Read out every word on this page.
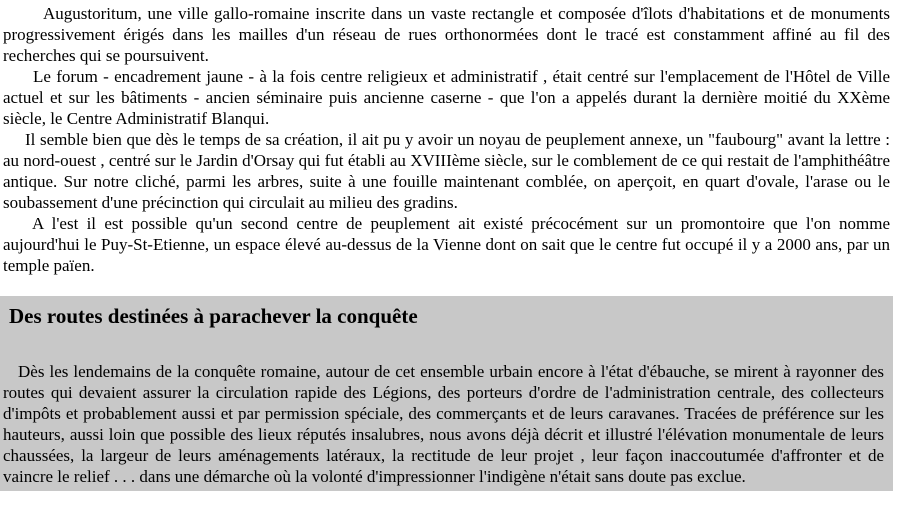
Augustoritum, une ville gallo-romaine inscrite dans un vaste rectangle et composée d'îlots d'habitations et de monuments progressivement érigés dans les mailles d'un réseau de rues orthonormées dont le tracé est constamment affiné au fil des recherches qui se poursuivent.

Le forum - encadrement jaune - à la fois centre religieux et administratif , était centré sur l'emplacement de l'Hôtel de Ville actuel et sur les bâtiments - ancien séminaire puis ancienne caserne - que l'on a appelés durant la dernière moitié du XXème siècle, le Centre Administratif Blanqui.

Il semble bien que dès le temps de sa création, il ait pu y avoir un noyau de peuplement annexe, un "faubourg" avant la lettre : au nord-ouest , centré sur le Jardin d'Orsay qui fut établi au XVIIIème siècle, sur le comblement de ce qui restait de l'amphithéâtre antique. Sur notre cliché, parmi les arbres, suite à une fouille maintenant comblée, on aperçoit, en quart d'ovale, l'arase ou le soubassement d'une précinction qui circulait au milieu des gradins.

A l'est il est possible qu'un second centre de peuplement ait existé précocément sur un promontoire que l'on nomme aujourd'hui le Puy-St-Etienne, un espace élevé au-dessus de la Vienne dont on sait que le centre fut occupé il y a 2000 ans, par un temple païen.

Des routes destinées à parachever la conquête

Dès les lendemains de la conquête romaine, autour de cet ensemble urbain encore à l'état d'ébauche, se mirent à rayonner des routes qui devaient assurer la circulation rapide des Légions, des porteurs d'ordre de l'administration centrale, des collecteurs d'impôts et probablement aussi et par permission spéciale, des commerçants et de leurs caravanes. Tracées de préférence sur les hauteurs, aussi loin que possible des lieux réputés insalubres, nous avons déjà décrit et illustré l'élévation monumentale de leurs chaussées, la largeur de leurs aménagements latéraux, la rectitude de leur projet , leur façon inaccoutumée d'affronter et de vaincre le relief . . . dans une démarche où la volonté d'impressionner l'indigène n'était sans doute pas exclue.
